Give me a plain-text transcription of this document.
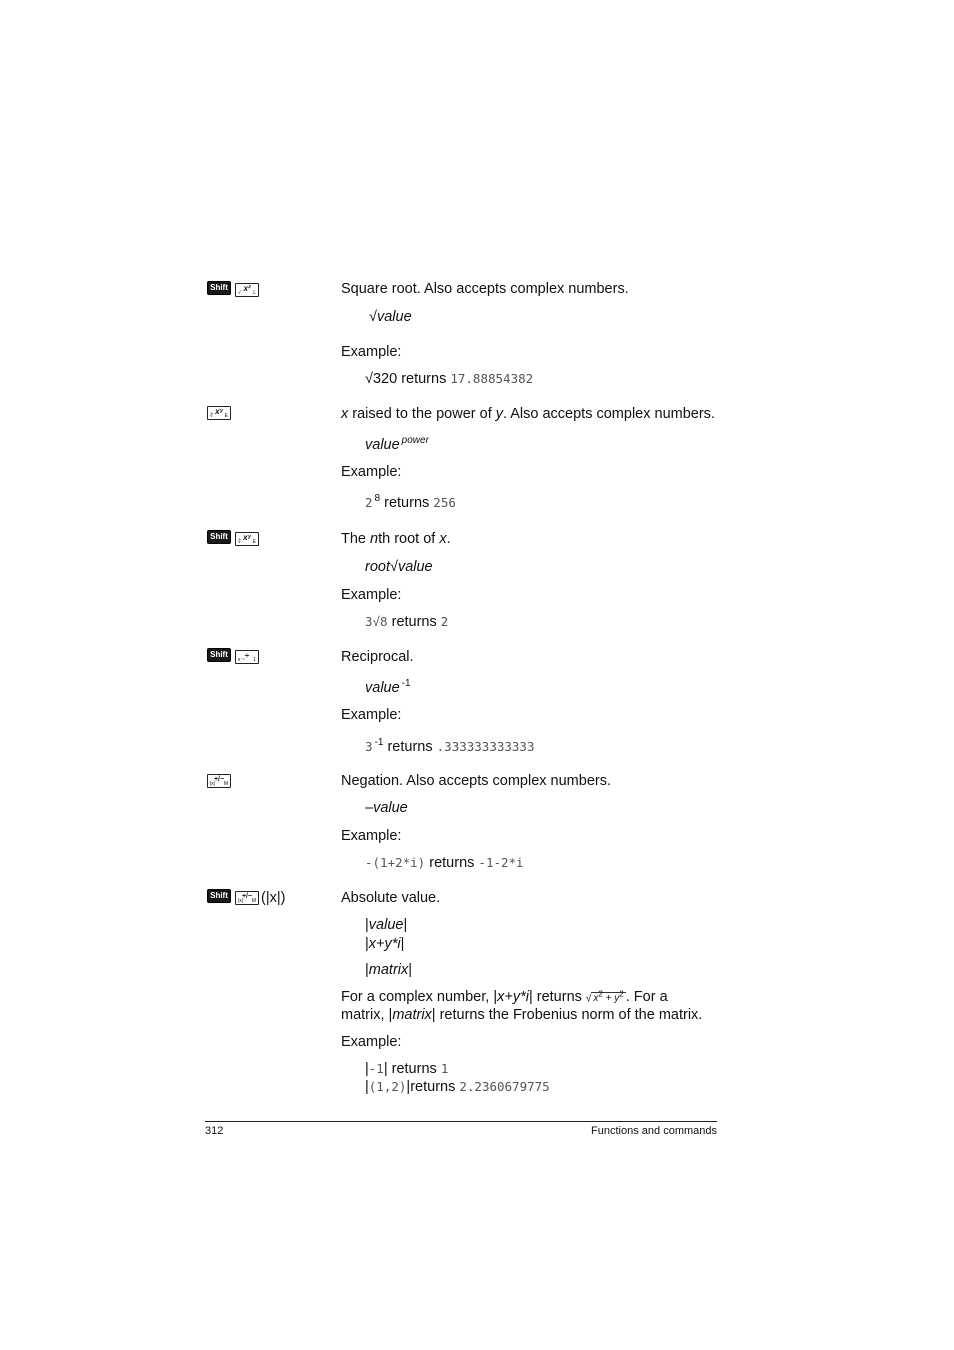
Shift	x²
√ L	Square root. Also accepts complex numbers.
√value
Example:
√320 returns 17.88854382
xʸ
∛ E	x raised to the power of y. Also accepts complex numbers.
value $^{power}$
Example:
2 $^8$ returns 256
Shift	xʸ
∛ E	The nth root of x.
root√value
Example:
3√8 returns 2
Shift	÷
x⁻¹ 1	Reciprocal.
value $^{-1}$
Example:
3 $^{-1}$ returns .333333333333
+/−
|x| M	Negation. Also accepts complex numbers.
–value
Example:
-(1+2*i) returns -1-2*i
Shift	+/−
|x| M (|x|)	Absolute value.
|value|
|x+y*i|
|matrix|
For a complex number, |x+y*i| returns √ $x^2 + y^2$ . For a
matrix, |matrix| returns the Frobenius norm of the matrix.
Example:
|-1| returns 1
|(1,2)|returns 2.2360679775
312	Functions and commands
